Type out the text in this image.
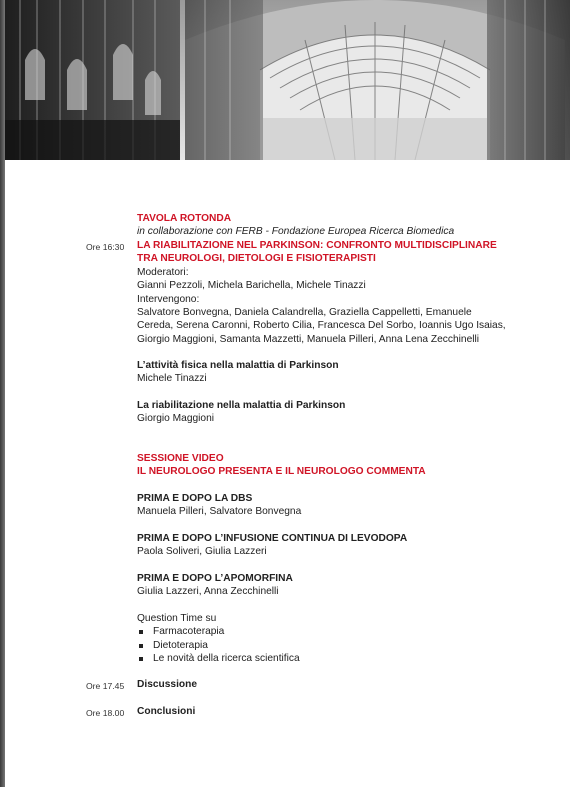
TAVOLA ROTONDA
in collaborazione con FERB - Fondazione Europea Ricerca Biomedica
Ore 16:30	LA RIABILITAZIONE NEL PARKINSON: CONFRONTO MULTIDISCIPLINARE
TRA NEUROLOGI, DIETOLOGI E FISIOTERAPISTI
Moderatori:
Gianni Pezzoli, Michela Barichella, Michele Tinazzi
Intervengono:
Salvatore Bonvegna, Daniela Calandrella, Graziella Cappelletti, Emanuele
Cereda, Serena Caronni, Roberto Cilia, Francesca Del Sorbo, Ioannis Ugo Isaias,
Giorgio Maggioni, Samanta Mazzetti, Manuela Pilleri, Anna Lena Zecchinelli
L’attività fisica nella malattia di Parkinson
Michele Tinazzi
La riabilitazione nella malattia di Parkinson
Giorgio Maggioni
SESSIONE VIDEO
IL NEUROLOGO PRESENTA E IL NEUROLOGO COMMENTA
PRIMA E DOPO LA DBS
Manuela Pilleri, Salvatore Bonvegna
PRIMA E DOPO L’INFUSIONE CONTINUA DI LEVODOPA
Paola Soliveri, Giulia Lazzeri
PRIMA E DOPO L’APOMORFINA
Giulia Lazzeri, Anna Zecchinelli
Question Time su
Farmacoterapia
Dietoterapia
Le novità della ricerca scientifica
Ore 17.45	Discussione
Ore 18.00	Conclusioni
